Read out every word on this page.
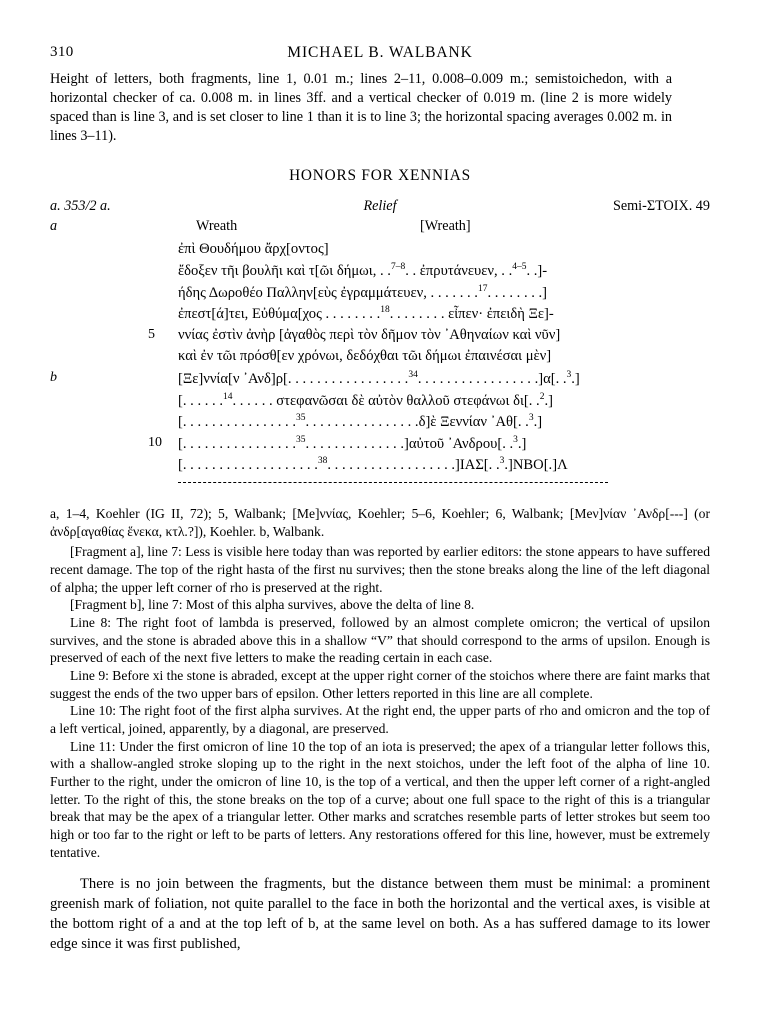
310	MICHAEL B. WALBANK

Height of letters, both fragments, line 1, 0.01 m.; lines 2–11, 0.008–0.009 m.; semistoichedon, with a horizontal checker of ca. 0.008 m. in lines 3ff. and a vertical checker of 0.019 m. (line 2 is more widely spaced than is line 3, and is set closer to line 1 than it is to line 3; the horizontal spacing averages 0.002 m. in lines 3–11).

HONORS FOR XENNIAS
a. 353/2 a.	Relief	Semi-ΣΤΟΙΧ. 49
a	Wreath	[Wreath]

ἐπὶ Θουδήμου ἄρχ[οντος]

ἔδοξεν τῆι βουλῆι καὶ τ[ῶι δήμωι, . .$^{7-8}$. . ἐπρυτάνευεν, . .$^{4-5}$. .]-

ήδης Δωροθέο Παλλην[εὺς ἐγραμμάτευεν, . . . . . . .$^{17}$. . . . . . . .]

ἐπεστ[ά]τει, Εὐθύμα[χος . . . . . . . .$^{18}$. . . . . . . . εἶπεν· ἐπειδὴ Ξε]-

5

ννίας ἐστὶν ἀνὴρ [ἀγαθὸς περὶ τὸν δῆμον τὸν ᾿Αθηναίων καὶ νῦν]

καὶ ἐν τῶι πρόσθ[εν χρόνωι, δεδόχθαι τῶι δήμωι ἐπαινέσαι μὲν]

b

	[Ξε]ννία[ν ᾿Ανδ]ρ[. . . . . . . . . . . . . . . . .$^{34}$. . . . . . . . . . . . . . . . .]α[. .$^3$.]

[. . . . . .$^{14}$. . . . . . στεφανῶσαι δὲ αὐτὸν θαλλοῦ στεφάνωι δι[. .$^2$.]

[. . . . . . . . . . . . . . . .$^{35}$. . . . . . . . . . . . . . . .δ]ὲ Ξεννίαν ᾿Αθ[. .$^3$.]

10

[. . . . . . . . . . . . . . . .$^{35}$. . . . . . . . . . . . . .]αὐτοῦ ᾿Ανδρου[. .$^3$.]

[. . . . . . . . . . . . . . . . . . .$^{38}$. . . . . . . . . . . . . . . . . .]ΙΑΣ[. .$^3$.]ΝΒΟ[.]Λ

a, 1–4, Koehler (IG II, 72); 5, Walbank; [Μe]ννίας, Koehler; 5–6, Koehler; 6, Walbank; [Μeν]νίαν ᾿Ανδρ[---] (or ἀνδρ[αγαθίας ἕνεκα, κτλ.?]), Koehler. b, Walbank.

[Fragment a], line 7: Less is visible here today than was reported by earlier editors: the stone appears to have suffered recent damage. The top of the right hasta of the first nu survives; then the stone breaks along the line of the left diagonal of alpha; the upper left corner of rho is preserved at the right.

[Fragment b], line 7: Most of this alpha survives, above the delta of line 8.

Line 8: The right foot of lambda is preserved, followed by an almost complete omicron; the vertical of upsilon survives, and the stone is abraded above this in a shallow “V” that should correspond to the arms of upsilon. Enough is preserved of each of the next five letters to make the reading certain in each case.

Line 9: Before xi the stone is abraded, except at the upper right corner of the stoichos where there are faint marks that suggest the ends of the two upper bars of epsilon. Other letters reported in this line are all complete.

Line 10: The right foot of the first alpha survives. At the right end, the upper parts of rho and omicron and the top of a left vertical, joined, apparently, by a diagonal, are preserved.

Line 11: Under the first omicron of line 10 the top of an iota is preserved; the apex of a triangular letter follows this, with a shallow-angled stroke sloping up to the right in the next stoichos, under the left foot of the alpha of line 10. Further to the right, under the omicron of line 10, is the top of a vertical, and then the upper left corner of a right-angled letter. To the right of this, the stone breaks on the top of a curve; about one full space to the right of this is a triangular break that may be the apex of a triangular letter. Other marks and scratches resemble parts of letter strokes but seem too high or too far to the right or left to be parts of letters. Any restorations offered for this line, however, must be extremely tentative.

There is no join between the fragments, but the distance between them must be minimal: a prominent greenish mark of foliation, not quite parallel to the face in both the horizontal and the vertical axes, is visible at the bottom right of a and at the top left of b, at the same level on both. As a has suffered damage to its lower edge since it was first published,
